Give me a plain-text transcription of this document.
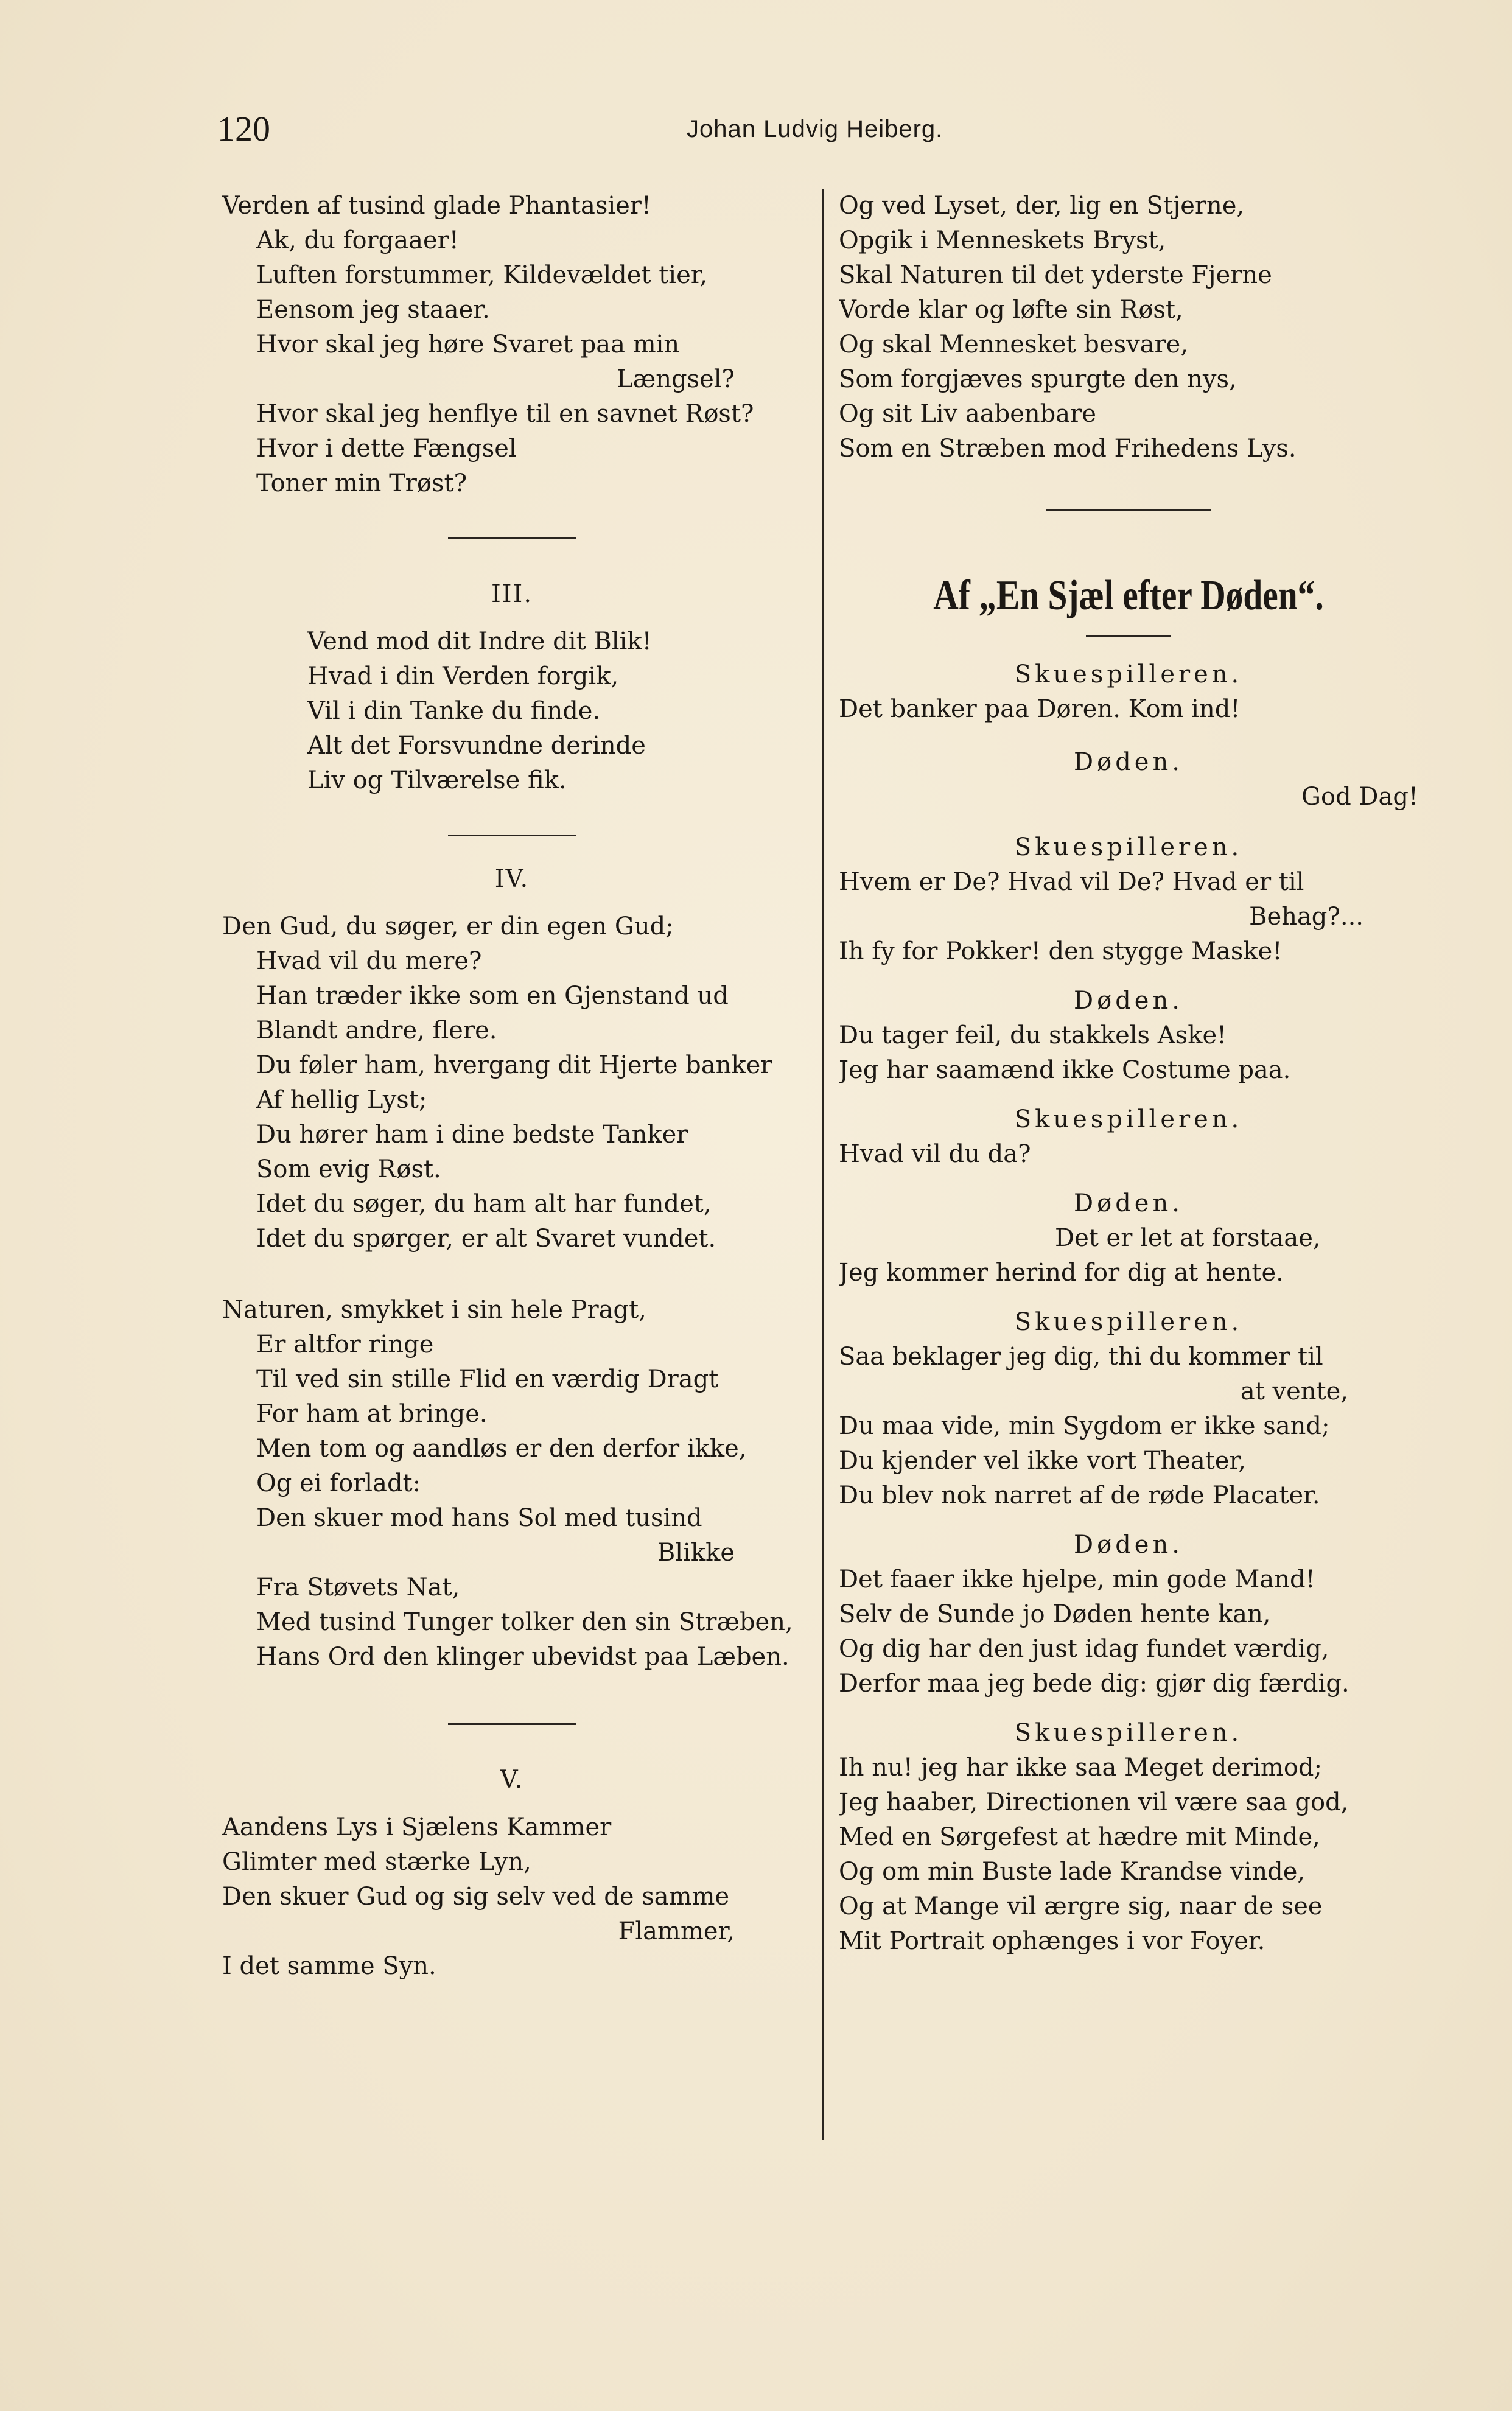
120	Johan Ludvig Heiberg.
Verden af tusind glade Phantasier!
Ak, du forgaaer!
Luften forstummer, Kildevældet tier,
Eensom jeg staaer.
Hvor skal jeg høre Svaret paa min
Længsel?
Hvor skal jeg henflye til en savnet Røst?
Hvor i dette Fængsel
Toner min Trøst?
III.
Vend mod dit Indre dit Blik!
Hvad i din Verden forgik,
Vil i din Tanke du finde.
Alt det Forsvundne derinde
Liv og Tilværelse fik.
IV.
Den Gud, du søger, er din egen Gud;
Hvad vil du mere?
Han træder ikke som en Gjenstand ud
Blandt andre, flere.
Du føler ham, hvergang dit Hjerte banker
Af hellig Lyst;
Du hører ham i dine bedste Tanker
Som evig Røst.
Idet du søger, du ham alt har fundet,
Idet du spørger, er alt Svaret vundet.
Naturen, smykket i sin hele Pragt,
Er altfor ringe
Til ved sin stille Flid en værdig Dragt
For ham at bringe.
Men tom og aandløs er den derfor ikke,
Og ei forladt:
Den skuer mod hans Sol med tusind
Blikke
Fra Støvets Nat,
Med tusind Tunger tolker den sin Stræben,
Hans Ord den klinger ubevidst paa Læben.
V.
Aandens Lys i Sjælens Kammer
Glimter med stærke Lyn,
Den skuer Gud og sig selv ved de samme
Flammer,
I det samme Syn.
Og ved Lyset, der, lig en Stjerne,
Opgik i Menneskets Bryst,
Skal Naturen til det yderste Fjerne
Vorde klar og løfte sin Røst,
Og skal Mennesket besvare,
Som forgjæves spurgte den nys,
Og sit Liv aabenbare
Som en Stræben mod Frihedens Lys.
Af „En Sjæl efter Døden“.
Skuespilleren.
Det banker paa Døren. Kom ind!
Døden.
God Dag!
Skuespilleren.
Hvem er De? Hvad vil De? Hvad er til
Behag?...
Ih fy for Pokker! den stygge Maske!
Døden.
Du tager feil, du stakkels Aske!
Jeg har saamænd ikke Costume paa.
Skuespilleren.
Hvad vil du da?
Døden.
Det er let at forstaae,
Jeg kommer herind for dig at hente.
Skuespilleren.
Saa beklager jeg dig, thi du kommer til
at vente,
Du maa vide, min Sygdom er ikke sand;
Du kjender vel ikke vort Theater,
Du blev nok narret af de røde Placater.
Døden.
Det faaer ikke hjelpe, min gode Mand!
Selv de Sunde jo Døden hente kan,
Og dig har den just idag fundet værdig,
Derfor maa jeg bede dig: gjør dig færdig.
Skuespilleren.
Ih nu! jeg har ikke saa Meget derimod;
Jeg haaber, Directionen vil være saa god,
Med en Sørgefest at hædre mit Minde,
Og om min Buste lade Krandse vinde,
Og at Mange vil ærgre sig, naar de see
Mit Portrait ophænges i vor Foyer.
